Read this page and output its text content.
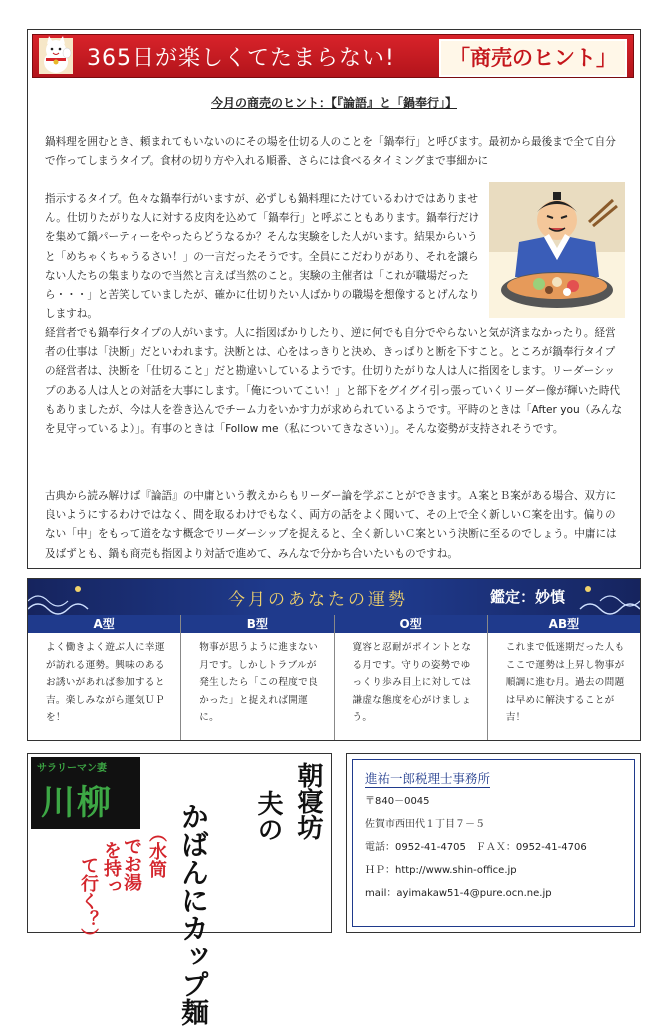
365日が楽しくてたまらない!	「商売のヒント」
今月の商売のヒント：【『論語』と「鍋奉行」】

鍋料理を囲むとき、頼まれてもいないのにその場を仕切る人のことを「鍋奉行」と呼びます。最初から最後まで全て自分で作ってしまうタイプ。食材の切り方や入れる順番、さらには食べるタイミングまで事細かに

指示するタイプ。色々な鍋奉行がいますが、必ずしも鍋料理にたけているわけではありません。仕切りたがりな人に対する皮肉を込めて「鍋奉行」と呼ぶこともあります。鍋奉行だけを集めて鍋パーティーをやったらどうなるか？そんな実験をした人がいます。結果からいうと「めちゃくちゃうるさい！」の一言だったそうです。全員にこだわりがあり、それを譲らない人たちの集まりなので当然と言えば当然のこと。実験の主催者は「これが職場だったら・・・」と苦笑していましたが、確かに仕切りたい人ばかりの職場を想像するとげんなりしますね。

経営者でも鍋奉行タイプの人がいます。人に指図ばかりしたり、逆に何でも自分でやらないと気が済まなかったり。経営者の仕事は「決断」だといわれます。決断とは、心をはっきりと決め、きっぱりと断を下すこと。ところが鍋奉行タイプの経営者は、決断を「仕切ること」だと勘違いしているようです。仕切りたがりな人は人に指図をします。リーダーシップのある人は人との対話を大事にします。「俺についてこい！」と部下をグイグイ引っ張っていくリーダー像が輝いた時代もありましたが、今は人を巻き込んでチーム力をいかす力が求められているようです。平時のときは「After you（みんなを見守っているよ）」。有事のときは「Follow me（私についてきなさい）」。そんな姿勢が支持されそうです。

古典から読み解けば『論語』の中庸という教えからもリーダー論を学ぶことができます。Ａ案とＢ案がある場合、双方に良いようにするわけではなく、間を取るわけでもなく、両方の話をよく聞いて、その上で全く新しいＣ案を出す。偏りのない「中」をもって道をなす概念でリーダーシップを捉えると、全く新しいＣ案という決断に至るのでしょう。中庸には及ばずとも、鍋も商売も指図より対話で進めて、みんなで分かち合いたいものですね。

今月のあなたの運勢	鑑定：妙慎
A型
よく働きよく遊ぶ人に幸運が訪れる運勢。興味のあるお誘いがあれば参加すると吉。楽しみながら運気ＵＰを！
B型
物事が思うように進まない月です。しかしトラブルが発生したら「この程度で良かった」と捉えれば開運に。
O型
寛容と忍耐がポイントとなる月です。守りの姿勢でゆっくり歩み目上に対しては謙虚な態度を心がけましょう。
AB型
これまで低迷期だった人もここで運勢は上昇し物事が順調に進む月。過去の問題は早めに解決することが吉！
サラリーマン妻
川柳	朝寝坊
夫の
かばんにカップ麺
（水筒
でお湯
を持っ
て行く？）
進祐一郎税理士事務所
〒840－0045
佐賀市西田代１丁目７－５
電話：0952-41-4705　ＦＡＸ：0952-41-4706
ＨＰ：http://www.shin-office.jp
mail：ayimakaw51-4@pure.ocn.ne.jp
